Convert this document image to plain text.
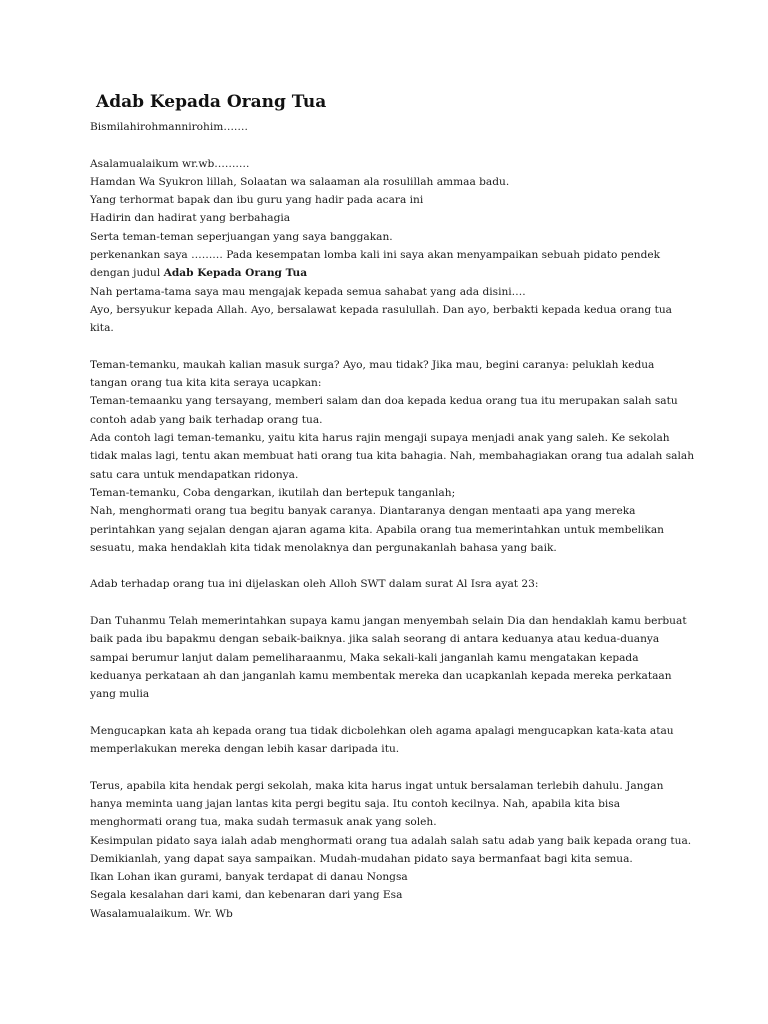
Adab Kepada Orang Tua
Bismilahirohmannirohim…….
Asalamualaikum wr.wb……….
Hamdan Wa Syukron lillah, Solaatan wa salaaman ala rosulillah ammaa badu.
Yang terhormat bapak dan ibu guru yang hadir pada acara ini
Hadirin dan hadirat yang berbahagia
Serta teman-teman seperjuangan yang saya banggakan.
perkenankan saya ……… Pada kesempatan lomba kali ini saya akan menyampaikan sebuah pidato pendek
dengan judul Adab Kepada Orang Tua
Nah pertama-tama saya mau mengajak kepada semua sahabat yang ada disini….
Ayo, bersyukur kepada Allah. Ayo, bersalawat kepada rasulullah. Dan ayo, berbakti kepada kedua orang tua
kita.
Teman-temanku, maukah kalian masuk surga? Ayo, mau tidak? Jika mau, begini caranya: peluklah kedua
tangan orang tua kita kita seraya ucapkan:
Teman-temaanku yang tersayang, memberi salam dan doa kepada kedua orang tua itu merupakan salah satu
contoh adab yang baik terhadap orang tua.
Ada contoh lagi teman-temanku, yaitu kita harus rajin mengaji supaya menjadi anak yang saleh. Ke sekolah
tidak malas lagi, tentu akan membuat hati orang tua kita bahagia. Nah, membahagiakan orang tua adalah salah
satu cara untuk mendapatkan ridonya.
Teman-temanku, Coba dengarkan, ikutilah dan bertepuk tanganlah;
Nah, menghormati orang tua begitu banyak caranya. Diantaranya dengan mentaati apa yang mereka
perintahkan yang sejalan dengan ajaran agama kita. Apabila orang tua memerintahkan untuk membelikan
sesuatu, maka hendaklah kita tidak menolaknya dan pergunakanlah bahasa yang baik.
Adab terhadap orang tua ini dijelaskan oleh Alloh SWT dalam surat Al Isra ayat 23:
Dan Tuhanmu Telah memerintahkan supaya kamu jangan menyembah selain Dia dan hendaklah kamu berbuat
baik pada ibu bapakmu dengan sebaik-baiknya. jika salah seorang di antara keduanya atau kedua-duanya
sampai berumur lanjut dalam pemeliharaanmu, Maka sekali-kali janganlah kamu mengatakan kepada
keduanya perkataan ah dan janganlah kamu membentak mereka dan ucapkanlah kepada mereka perkataan
yang mulia
Mengucapkan kata ah kepada orang tua tidak dicbolehkan oleh agama apalagi mengucapkan kata-kata atau
memperlakukan mereka dengan lebih kasar daripada itu.
Terus, apabila kita hendak pergi sekolah, maka kita harus ingat untuk bersalaman terlebih dahulu. Jangan
hanya meminta uang jajan lantas kita pergi begitu saja. Itu contoh kecilnya. Nah, apabila kita bisa
menghormati orang tua, maka sudah termasuk anak yang soleh.
Kesimpulan pidato saya ialah adab menghormati orang tua adalah salah satu adab yang baik kepada orang tua.
Demikianlah, yang dapat saya sampaikan. Mudah-mudahan pidato saya bermanfaat bagi kita semua.
Ikan Lohan ikan gurami, banyak terdapat di danau Nongsa
Segala kesalahan dari kami, dan kebenaran dari yang Esa
Wasalamualaikum. Wr. Wb
